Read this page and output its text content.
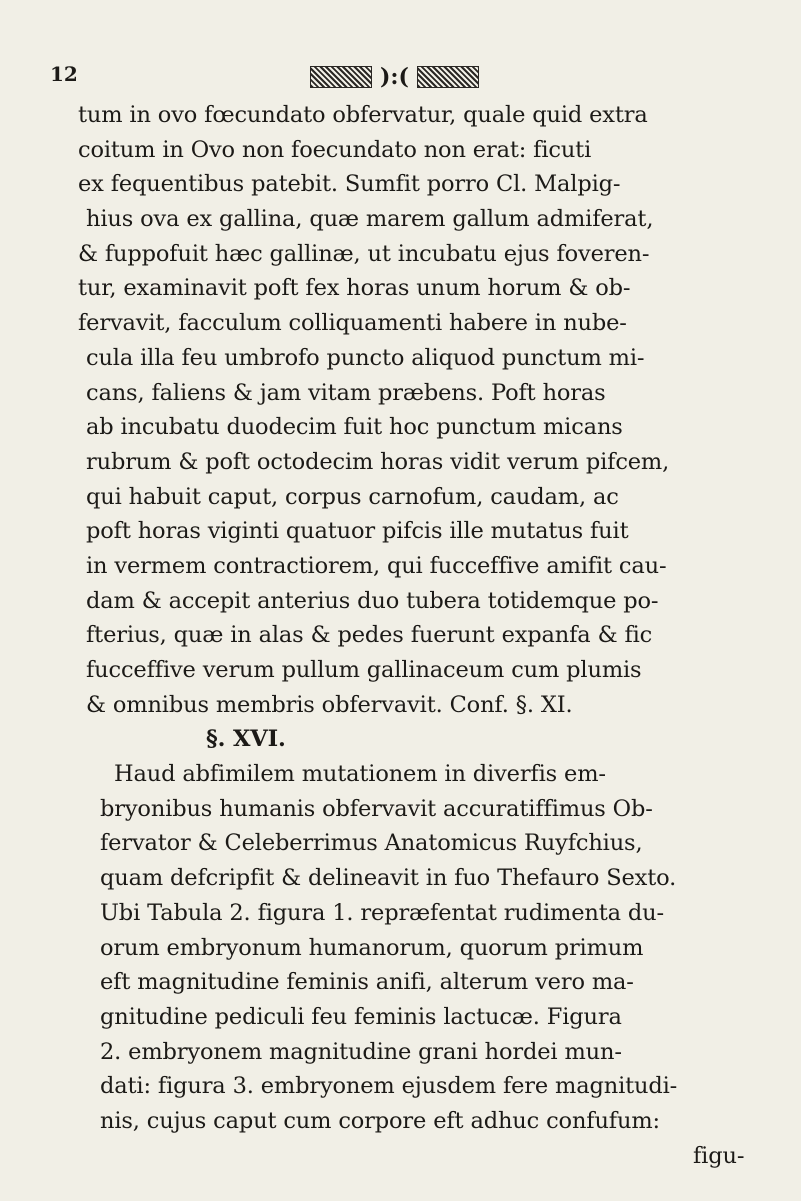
12	):(
tum in ovo fœcundato obfervatur, quale quid extra
coitum in Ovo non foecundato non erat: ficuti
ex fequentibus patebit. Sumfit porro Cl. Malpig-
hius ova ex gallina, quæ marem gallum admiferat,
& fuppofuit hæc gallinæ, ut incubatu ejus foveren-
tur, examinavit poft fex horas unum horum & ob-
fervavit, facculum colliquamenti habere in nube-
cula illa feu umbrofo puncto aliquod punctum mi-
cans, faliens & jam vitam præbens. Poft horas
ab incubatu duodecim fuit hoc punctum micans
rubrum & poft octodecim horas vidit verum pifcem,
qui habuit caput, corpus carnofum, caudam, ac
poft horas viginti quatuor pifcis ille mutatus fuit
in vermem contractiorem, qui fucceffive amifit cau-
dam & accepit anterius duo tubera totidemque po-
fterius, quæ in alas & pedes fuerunt expanfa & fic
fucceffive verum pullum gallinaceum cum plumis
& omnibus membris obfervavit. Conf. §. XI.
§. XVI.
Haud abfimilem mutationem in diverfis em-
bryonibus humanis obfervavit accuratiffimus Ob-
fervator & Celeberrimus Anatomicus Ruyfchius,
quam defcripfit & delineavit in fuo Thefauro Sexto.
Ubi Tabula 2. figura 1. repræfentat rudimenta du-
orum embryonum humanorum, quorum primum
eft magnitudine feminis anifi, alterum vero ma-
gnitudine pediculi feu feminis lactucæ. Figura
2. embryonem magnitudine grani hordei mun-
dati: figura 3. embryonem ejusdem fere magnitudi-
nis, cujus caput cum corpore eft adhuc confufum:
figu-
